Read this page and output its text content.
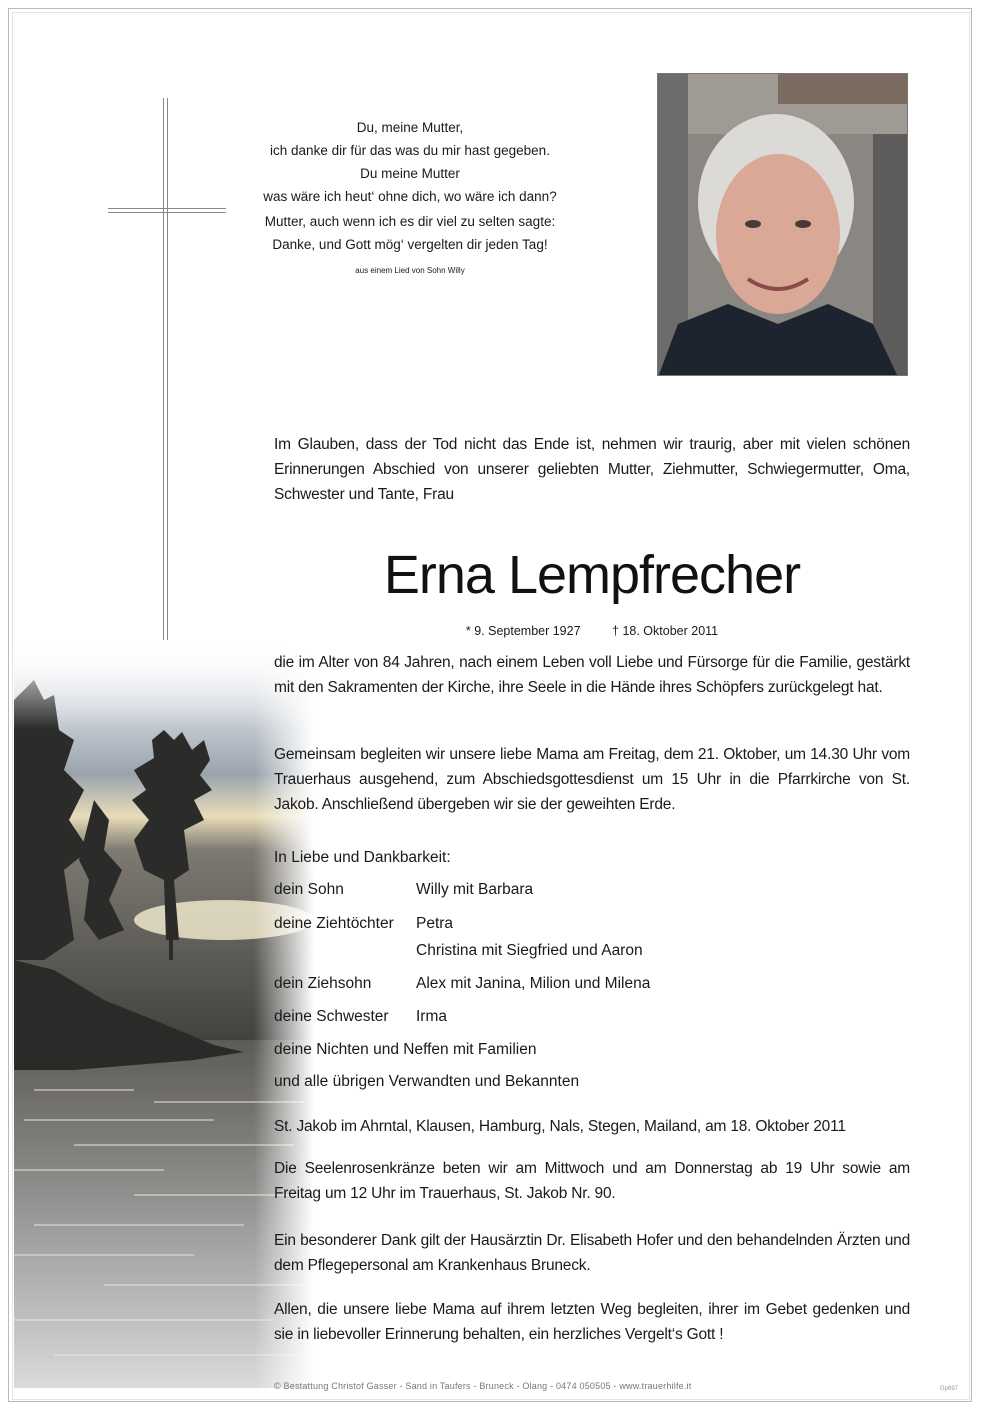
Du, meine Mutter,
ich danke dir für das was du mir hast gegeben.
Du meine Mutter
was wäre ich heut‘ ohne dich, wo wäre ich dann?
Mutter, auch wenn ich es dir viel zu selten sagte:
Danke, und Gott mög‘ vergelten dir jeden Tag!
aus einem Lied von Sohn Willy
Im Glauben, dass der Tod nicht das Ende ist, nehmen wir traurig, aber mit vielen schönen Erinnerungen Abschied von unserer geliebten Mutter, Ziehmutter, Schwiegermutter, Oma, Schwester und Tante, Frau
Erna Lempfrecher
* 9. September 1927	† 18. Oktober 2011
die im Alter von 84 Jahren, nach einem Leben voll Liebe und Fürsorge für die Familie, gestärkt mit den Sakramenten der Kirche, ihre Seele in die Hände ihres Schöpfers zurückgelegt hat.
Gemeinsam begleiten wir unsere liebe Mama am Freitag, dem 21. Oktober, um 14.30 Uhr vom Trauerhaus ausgehend, zum Abschiedsgottesdienst um 15 Uhr in die Pfarrkirche von St. Jakob. Anschließend übergeben wir sie der geweihten Erde.
In Liebe und Dankbarkeit:
dein Sohn	Willy mit Barbara
deine Ziehtöchter Petra
Christina mit Siegfried und Aaron
dein Ziehsohn	Alex mit Janina, Milion und Milena
deine Schwester Irma
deine Nichten und Neffen mit Familien
und alle übrigen Verwandten und Bekannten
St. Jakob im Ahrntal, Klausen, Hamburg, Nals, Stegen, Mailand, am 18. Oktober 2011
Die Seelenrosenkränze beten wir am Mittwoch und am Donnerstag ab 19 Uhr sowie am Freitag um 12 Uhr im Trauerhaus, St. Jakob Nr. 90.
Ein besonderer Dank gilt der Hausärztin Dr. Elisabeth Hofer und den behandelnden Ärzten und dem Pflegepersonal am Krankenhaus Bruneck.
Allen, die unsere liebe Mama auf ihrem letzten Weg begleiten, ihrer im Gebet gedenken und sie in liebevoller Erinnerung behalten, ein herzliches Vergelt‘s Gott !
© Bestattung Christof Gasser - Sand in Taufers - Bruneck - Olang - 0474 050505 - www.trauerhilfe.it	Gp697
